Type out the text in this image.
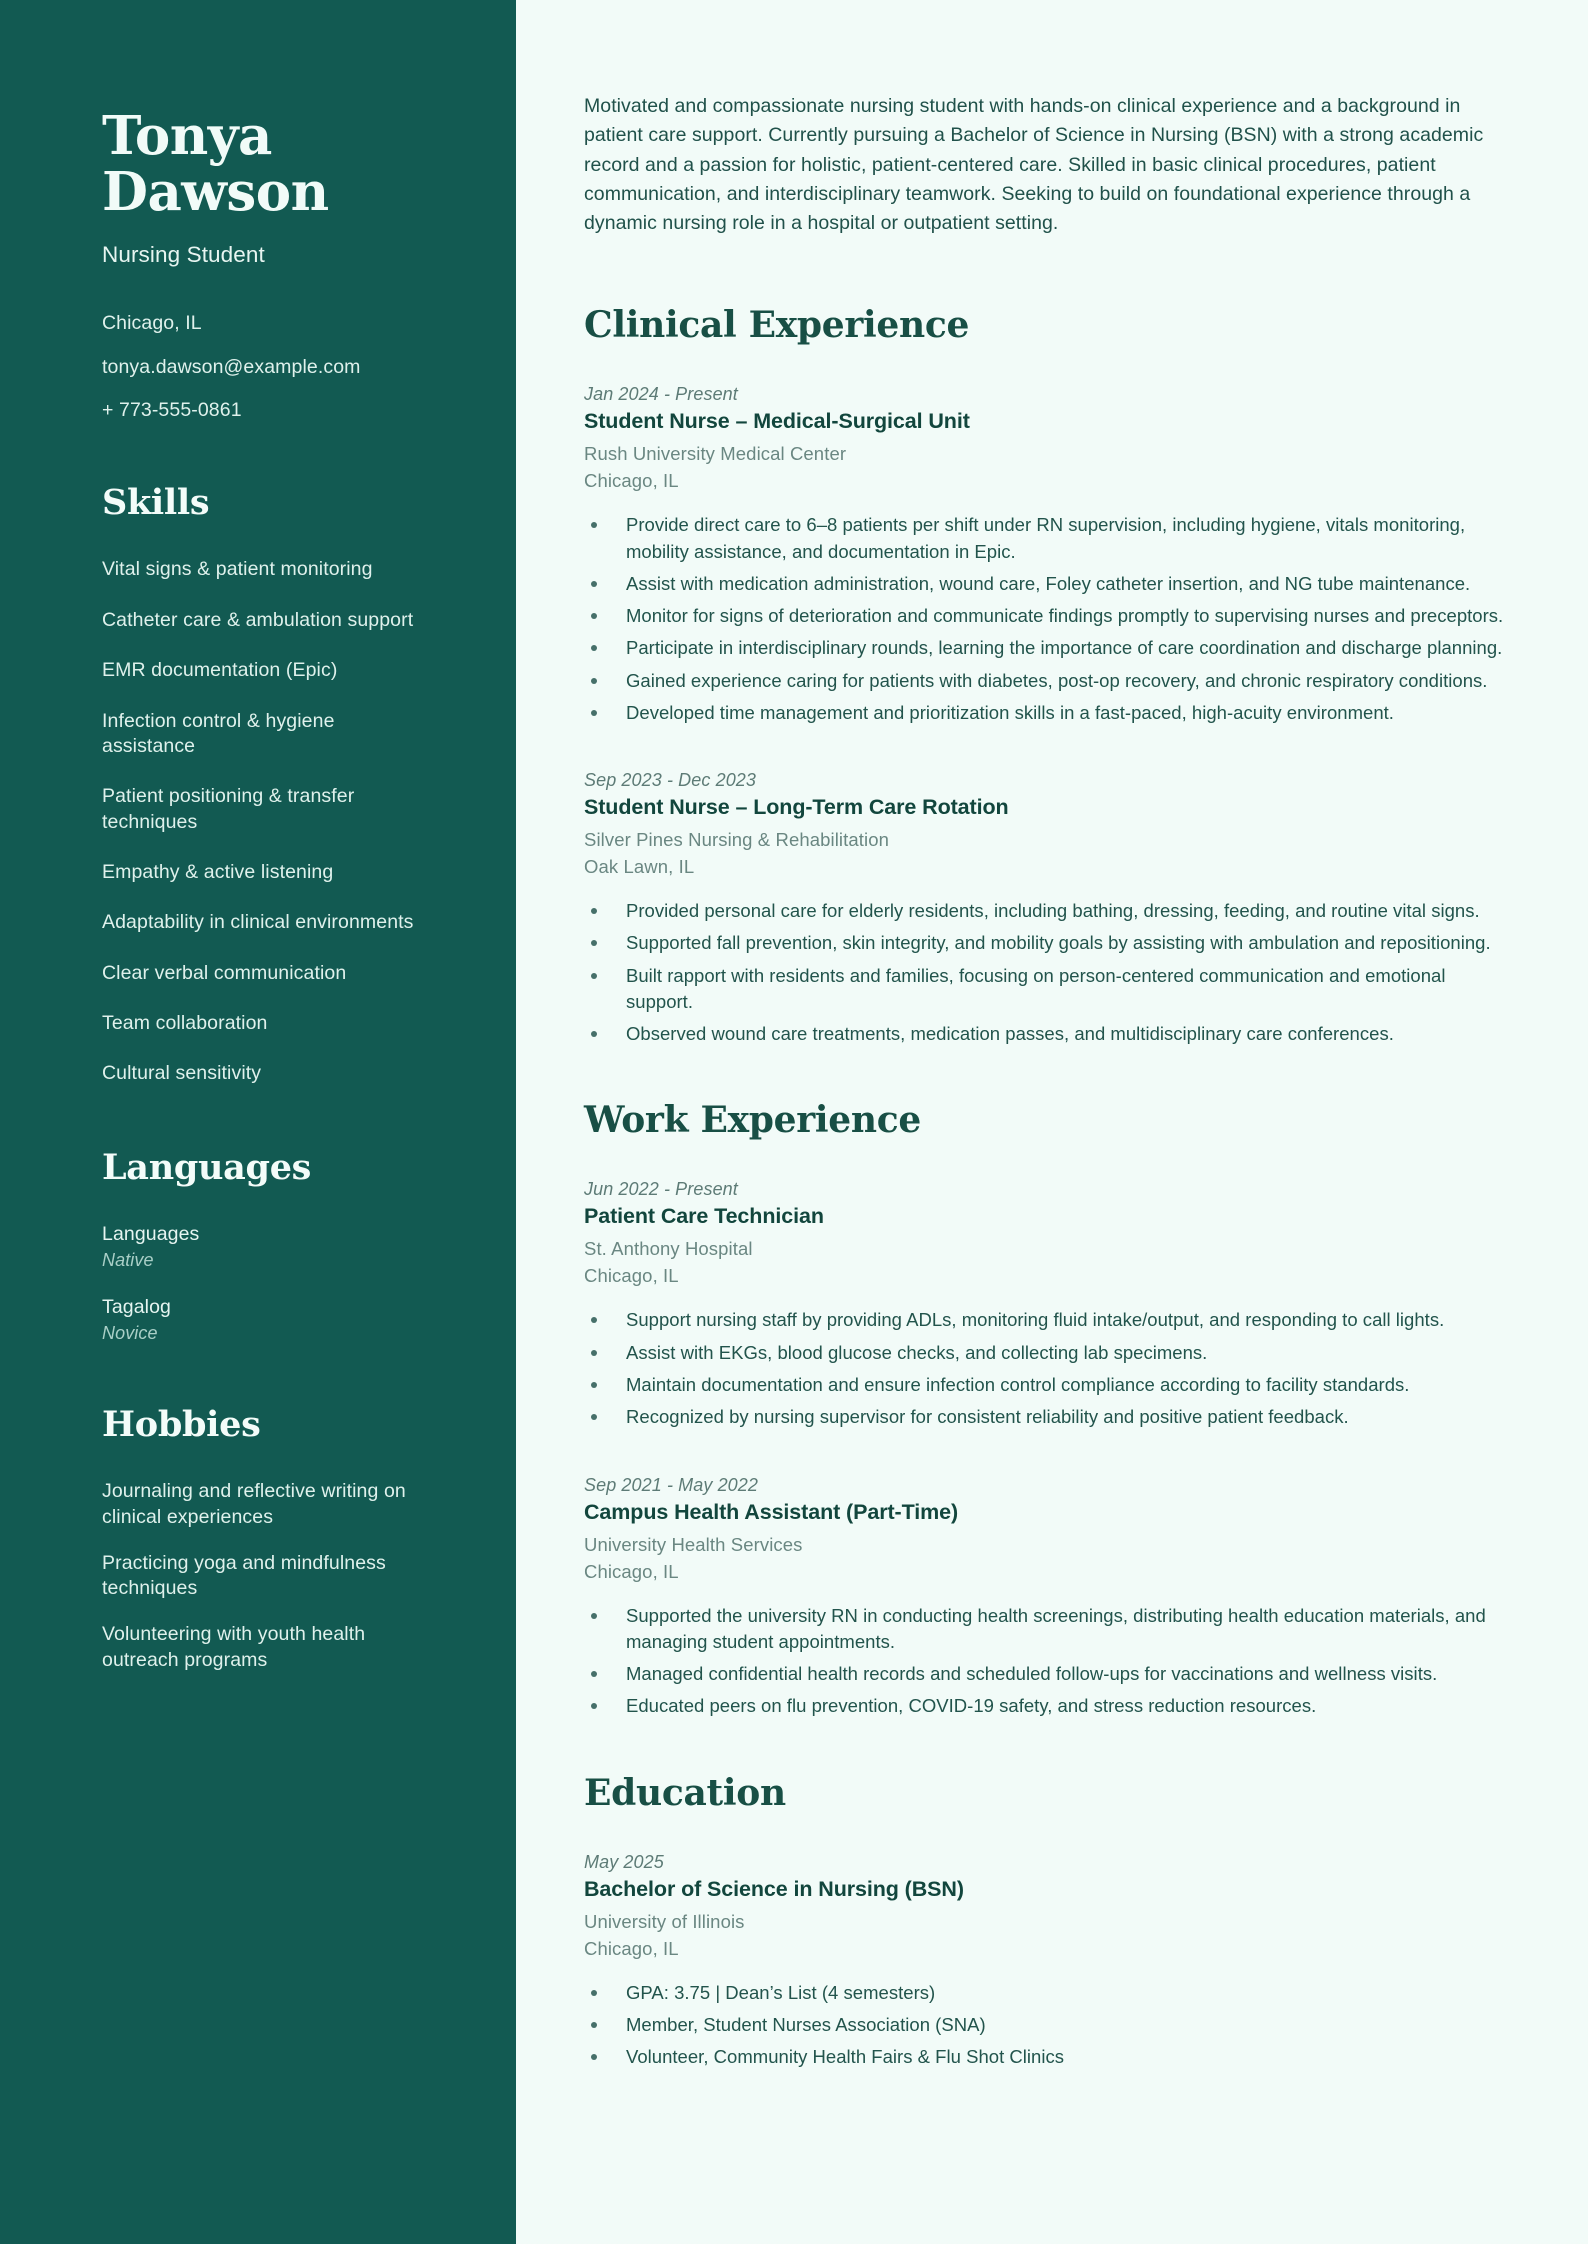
Tonya
Dawson
Nursing Student
Chicago, IL
tonya.dawson@example.com
+ 773-555-0861
Skills
Vital signs & patient monitoring
Catheter care & ambulation support
EMR documentation (Epic)
Infection control & hygiene assistance
Patient positioning & transfer techniques
Empathy & active listening
Adaptability in clinical environments
Clear verbal communication
Team collaboration
Cultural sensitivity
Languages
Languages
Native
Tagalog
Novice
Hobbies
Journaling and reflective writing on clinical experiences
Practicing yoga and mindfulness techniques
Volunteering with youth health outreach programs

Motivated and compassionate nursing student with hands-on clinical experience and a background in patient care support. Currently pursuing a Bachelor of Science in Nursing (BSN) with a strong academic record and a passion for holistic, patient-centered care. Skilled in basic clinical procedures, patient communication, and interdisciplinary teamwork. Seeking to build on foundational experience through a dynamic nursing role in a hospital or outpatient setting.

Clinical Experience
Jan 2024 - Present
Student Nurse – Medical-Surgical Unit
Rush University Medical Center
Chicago, IL
Provide direct care to 6–8 patients per shift under RN supervision, including hygiene, vitals monitoring, mobility assistance, and documentation in Epic.
Assist with medication administration, wound care, Foley catheter insertion, and NG tube maintenance.
Monitor for signs of deterioration and communicate findings promptly to supervising nurses and preceptors.
Participate in interdisciplinary rounds, learning the importance of care coordination and discharge planning.
Gained experience caring for patients with diabetes, post-op recovery, and chronic respiratory conditions.
Developed time management and prioritization skills in a fast-paced, high-acuity environment.
Sep 2023 - Dec 2023
Student Nurse – Long-Term Care Rotation
Silver Pines Nursing & Rehabilitation
Oak Lawn, IL
Provided personal care for elderly residents, including bathing, dressing, feeding, and routine vital signs.
Supported fall prevention, skin integrity, and mobility goals by assisting with ambulation and repositioning.
Built rapport with residents and families, focusing on person-centered communication and emotional support.
Observed wound care treatments, medication passes, and multidisciplinary care conferences.
Work Experience
Jun 2022 - Present
Patient Care Technician
St. Anthony Hospital
Chicago, IL
Support nursing staff by providing ADLs, monitoring fluid intake/output, and responding to call lights.
Assist with EKGs, blood glucose checks, and collecting lab specimens.
Maintain documentation and ensure infection control compliance according to facility standards.
Recognized by nursing supervisor for consistent reliability and positive patient feedback.
Sep 2021 - May 2022
Campus Health Assistant (Part-Time)
University Health Services
Chicago, IL
Supported the university RN in conducting health screenings, distributing health education materials, and managing student appointments.
Managed confidential health records and scheduled follow-ups for vaccinations and wellness visits.
Educated peers on flu prevention, COVID-19 safety, and stress reduction resources.
Education
May 2025
Bachelor of Science in Nursing (BSN)
University of Illinois
Chicago, IL
GPA: 3.75 | Dean’s List (4 semesters)
Member, Student Nurses Association (SNA)
Volunteer, Community Health Fairs & Flu Shot Clinics
